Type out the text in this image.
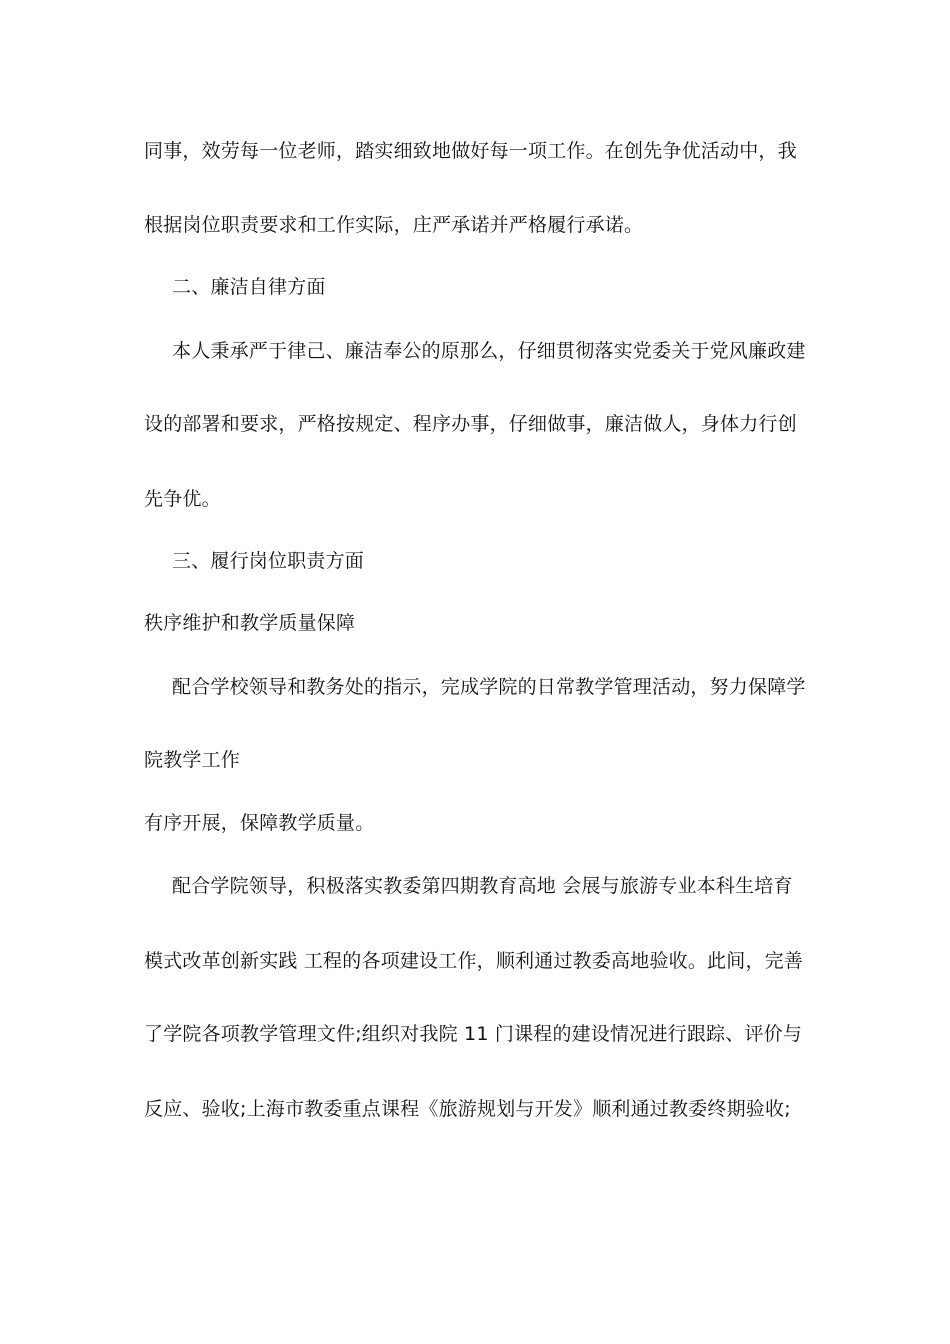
同事，效劳每一位老师，踏实细致地做好每一项工作。在创先争优活动中，我
根据岗位职责要求和工作实际，庄严承诺并严格履行承诺。
二、廉洁自律方面
本人秉承严于律己、廉洁奉公的原那么，仔细贯彻落实党委关于党风廉政建
设的部署和要求，严格按规定、程序办事，仔细做事，廉洁做人，身体力行创
先争优。
三、履行岗位职责方面
秩序维护和教学质量保障
配合学校领导和教务处的指示，完成学院的日常教学管理活动，努力保障学
院教学工作
有序开展，保障教学质量。
配合学院领导，积极落实教委第四期教育高地 会展与旅游专业本科生培育
模式改革创新实践 工程的各项建设工作，顺利通过教委高地验收。此间，完善
了学院各项教学管理文件;组织对我院 11 门课程的建设情况进行跟踪、评价与
反应、验收;上海市教委重点课程《旅游规划与开发》顺利通过教委终期验收;
